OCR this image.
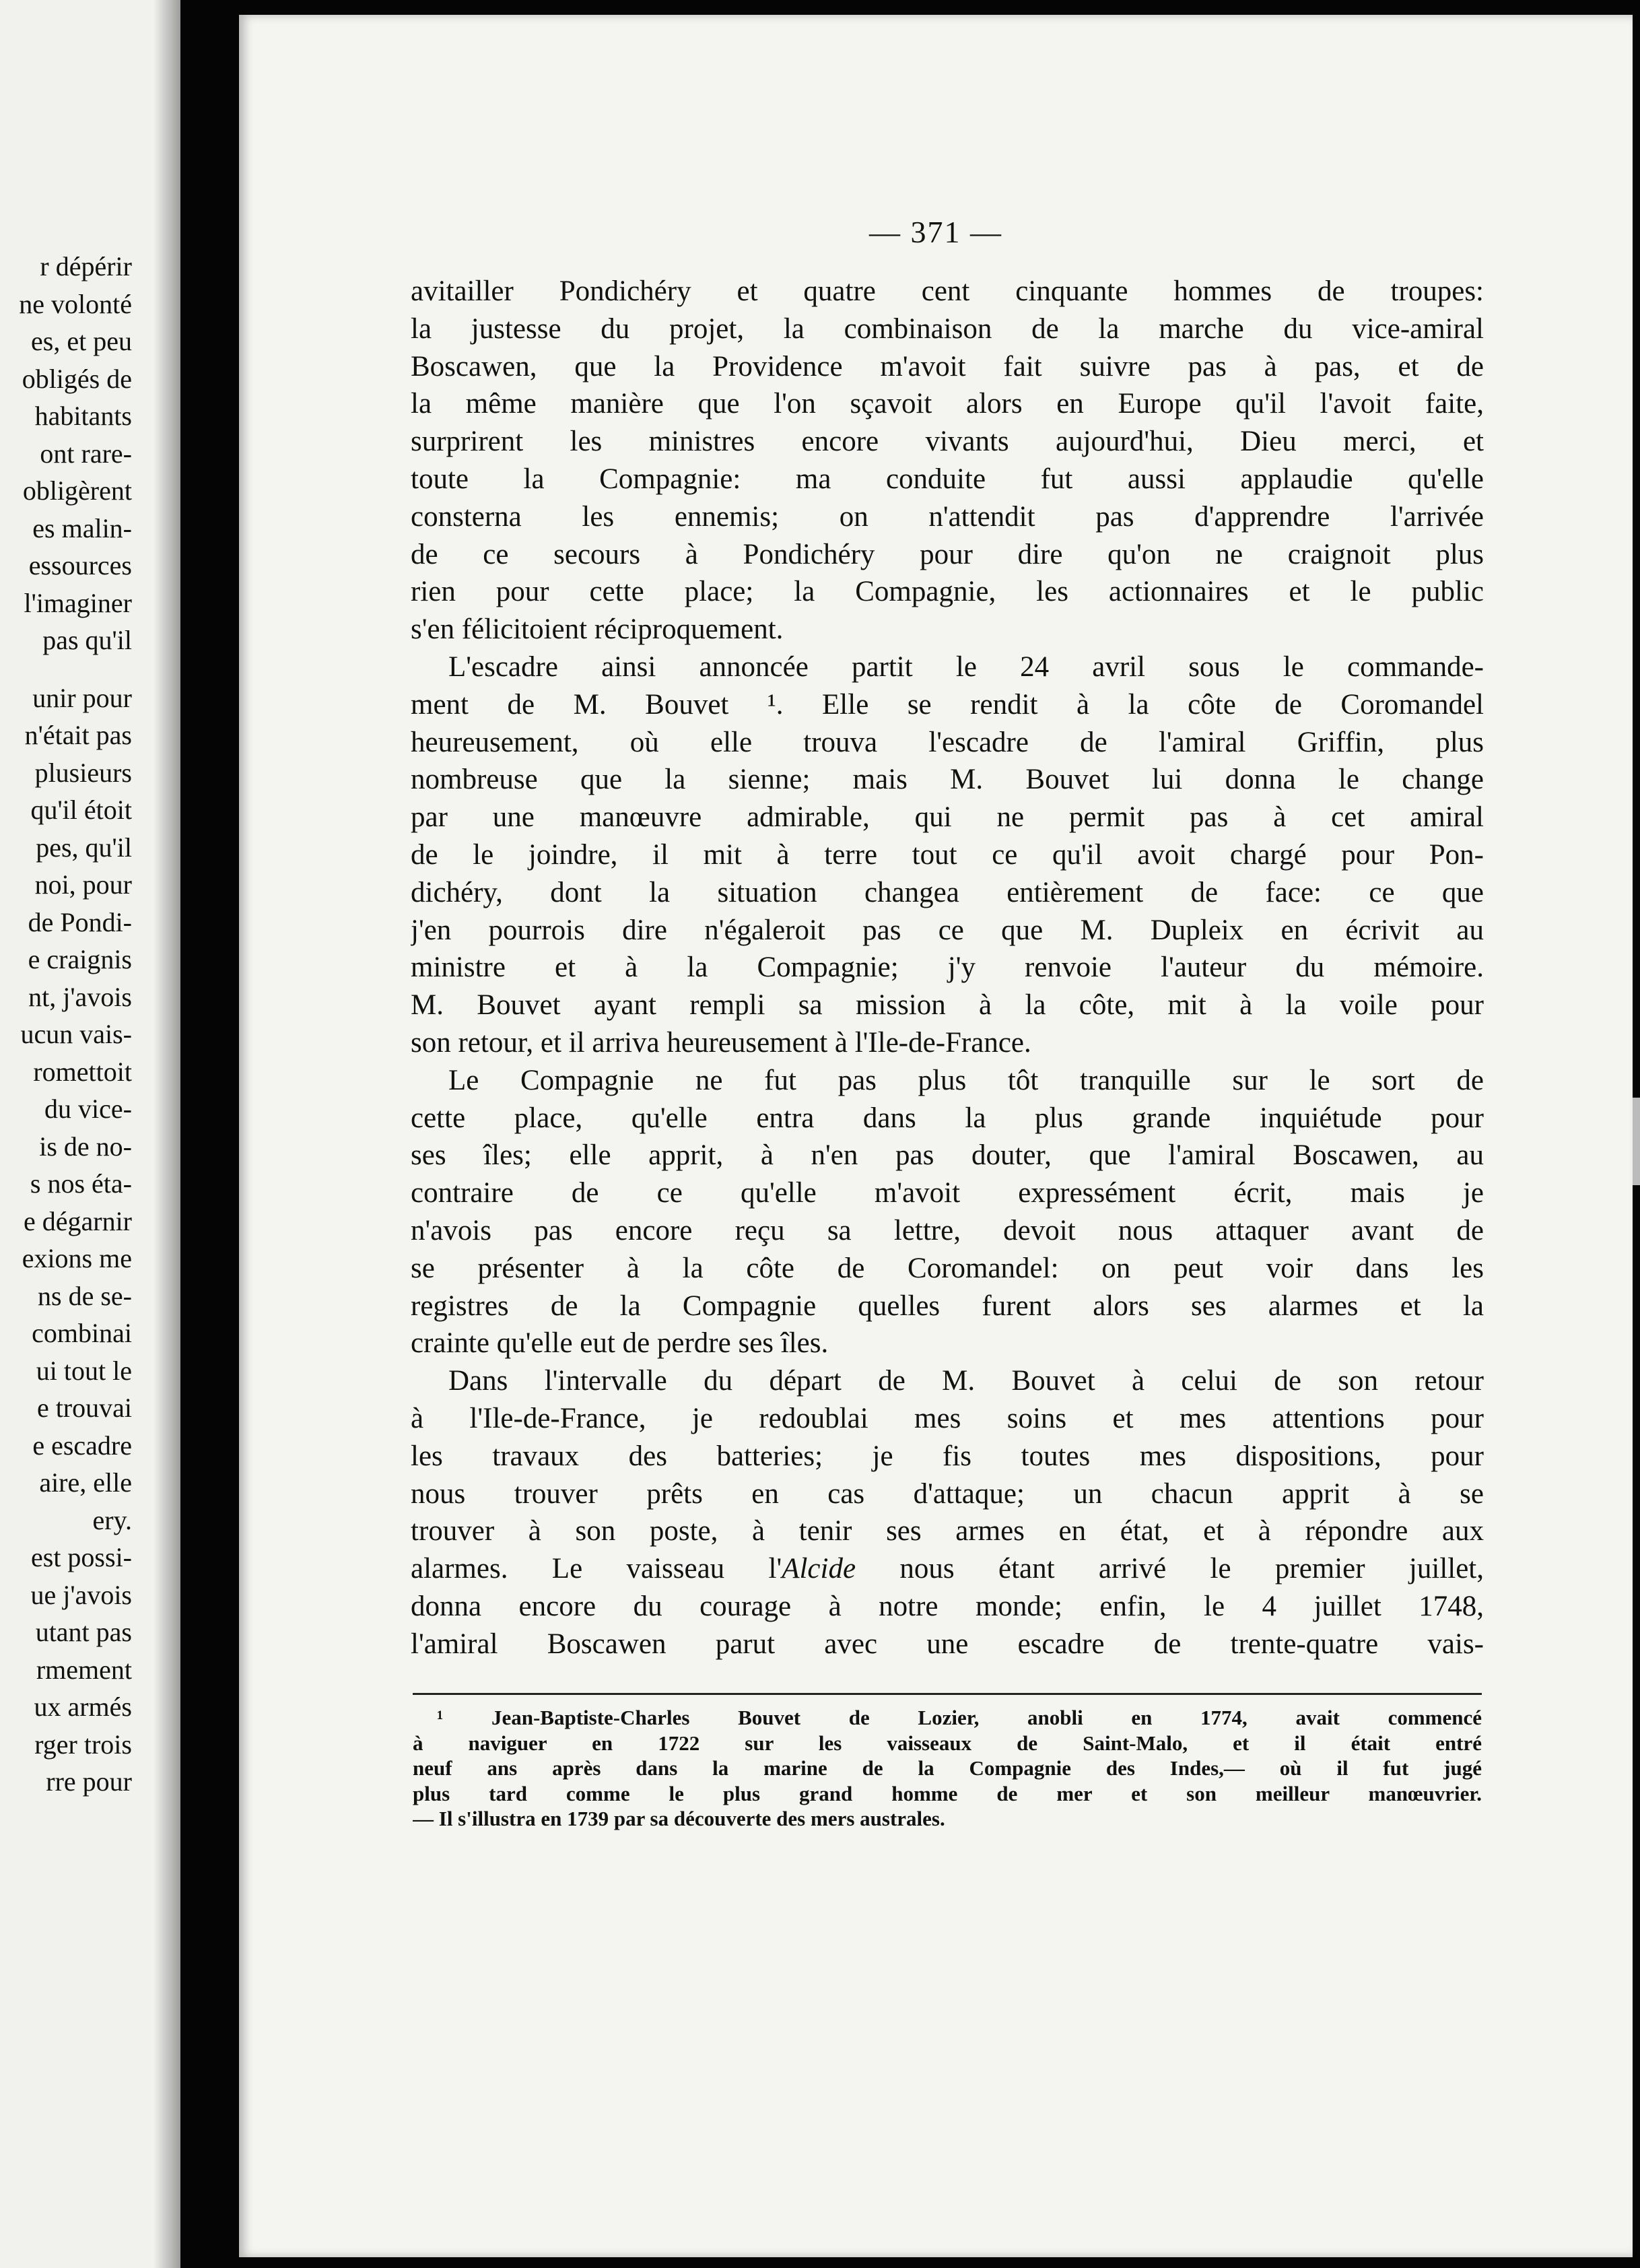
r dépérir
ne volonté
es, et peu
obligés de
habitants
ont rare-
obligèrent
es malin-
essources
l'imaginer
pas qu'il
unir pour
n'était pas
plusieurs
qu'il étoit
pes, qu'il
noi, pour
de Pondi-
e craignis
nt, j'avois
ucun vais-
romettoit
du vice-
is de no-
s nos éta-
e dégarnir
exions me
ns de se-
combinai
ui tout le
e trouvai
e escadre
aire, elle
ery.
est possi-
ue j'avois
utant pas
rmement
ux armés
rger trois
rre pour
— 371 —
avitailler Pondichéry et quatre cent cinquante hommes de troupes:
la justesse du projet, la combinaison de la marche du vice-amiral
Boscawen, que la Providence m'avoit fait suivre pas à pas, et de
la même manière que l'on sçavoit alors en Europe qu'il l'avoit faite,
surprirent les ministres encore vivants aujourd'hui, Dieu merci, et
toute la Compagnie: ma conduite fut aussi applaudie qu'elle
consterna les ennemis; on n'attendit pas d'apprendre l'arrivée
de ce secours à Pondichéry pour dire qu'on ne craignoit plus
rien pour cette place; la Compagnie, les actionnaires et le public
s'en félicitoient réciproquement.
L'escadre ainsi annoncée partit le 24 avril sous le commande-
ment de M. Bouvet ¹. Elle se rendit à la côte de Coromandel
heureusement, où elle trouva l'escadre de l'amiral Griffin, plus
nombreuse que la sienne; mais M. Bouvet lui donna le change
par une manœuvre admirable, qui ne permit pas à cet amiral
de le joindre, il mit à terre tout ce qu'il avoit chargé pour Pon-
dichéry, dont la situation changea entièrement de face: ce que
j'en pourrois dire n'égaleroit pas ce que M. Dupleix en écrivit au
ministre et à la Compagnie; j'y renvoie l'auteur du mémoire.
M. Bouvet ayant rempli sa mission à la côte, mit à la voile pour
son retour, et il arriva heureusement à l'Ile-de-France.
Le Compagnie ne fut pas plus tôt tranquille sur le sort de
cette place, qu'elle entra dans la plus grande inquiétude pour
ses îles; elle apprit, à n'en pas douter, que l'amiral Boscawen, au
contraire de ce qu'elle m'avoit expressément écrit, mais je
n'avois pas encore reçu sa lettre, devoit nous attaquer avant de
se présenter à la côte de Coromandel: on peut voir dans les
registres de la Compagnie quelles furent alors ses alarmes et la
crainte qu'elle eut de perdre ses îles.
Dans l'intervalle du départ de M. Bouvet à celui de son retour
à l'Ile-de-France, je redoublai mes soins et mes attentions pour
les travaux des batteries; je fis toutes mes dispositions, pour
nous trouver prêts en cas d'attaque; un chacun apprit à se
trouver à son poste, à tenir ses armes en état, et à répondre aux
alarmes. Le vaisseau l'Alcide nous étant arrivé le premier juillet,
donna encore du courage à notre monde; enfin, le 4 juillet 1748,
l'amiral Boscawen parut avec une escadre de trente-quatre vais-
¹ Jean-Baptiste-Charles Bouvet de Lozier, anobli en 1774, avait commencé
à naviguer en 1722 sur les vaisseaux de Saint-Malo, et il était entré
neuf ans après dans la marine de la Compagnie des Indes,— où il fut jugé
plus tard comme le plus grand homme de mer et son meilleur manœuvrier.
— Il s'illustra en 1739 par sa découverte des mers australes.
